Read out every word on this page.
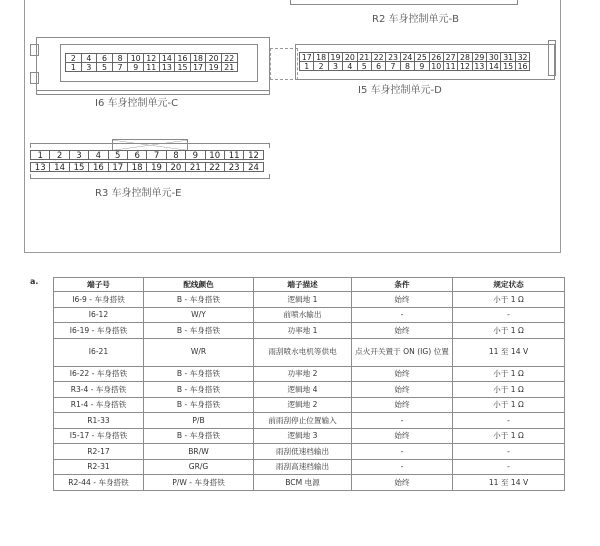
R2 车身控制单元-B
2	4	6	8	10 12 14 16 18 20 22
1	3	5	7	9	11 13 15 17 19 21
I6 车身控制单元-C
17 18 19 20 21 22 23 24 25 26 27 28 29 30 31 32
1	2	3	4	5	6	7	8	9 10 11 12 13 14 15 16
I5 车身控制单元-D
1	2	3	4	5	6	7	8	9	10	11	12
13	14	15	16	17	18	19	20	21	22	23	24
R3 车身控制单元-E
a.	端子号	配线颜色	端子描述	条件	规定状态
I6-9 - 车身搭铁	B - 车身搭铁	逻辑地 1	始终	小于 1 Ω
I6-12	W/Y	前喷水输出	-	-
I6-19 - 车身搭铁	B - 车身搭铁	功率地 1	始终	小于 1 Ω
I6-21	W/R	雨刮喷水电机等供电	点火开关置于 ON (IG) 位置	11 至 14 V
I6-22 - 车身搭铁	B - 车身搭铁	功率地 2	始终	小于 1 Ω
R3-4 - 车身搭铁	B - 车身搭铁	逻辑地 4	始终	小于 1 Ω
R1-4 - 车身搭铁	B - 车身搭铁	逻辑地 2	始终	小于 1 Ω
R1-33	P/B	前雨刮停止位置输入	-	-
I5-17 - 车身搭铁	B - 车身搭铁	逻辑地 3	始终	小于 1 Ω
R2-17	BR/W	雨刮低速档输出	-	-
R2-31	GR/G	雨刮高速档输出	-	-
R2-44 - 车身搭铁	P/W - 车身搭铁	BCM 电源	始终	11 至 14 V
